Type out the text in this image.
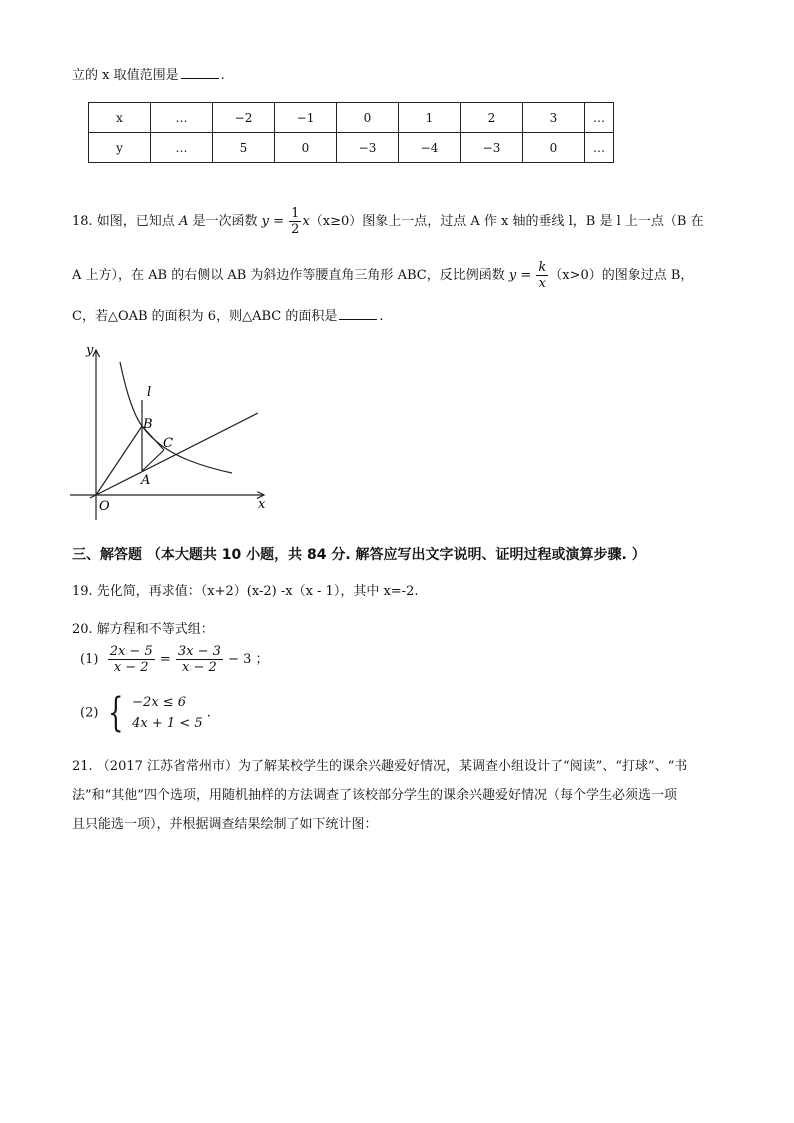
立的 x 取值范围是	.
x	…	−2	−1	0	1	2	3	…
y	…	5	0	−3	−4	−3	0	…
18. 如图，已知点 A 是一次函数 $y = \frac{1}{2} x(x\ge 0)$图象上一点，过点 A 作 x 轴的垂线 l，B 是 l 上一点（B 在
A 上方），在 AB 的右侧以 AB 为斜边作等腰直角三角形 ABC，反比例函数 $y = \frac{k}{x} (x>0)$的图象过点 B，
C，若△OAB 的面积为 6，则△ABC 的面积是	.
y
x
O
A
B
C
l
三、解答题 （本大题共 10 小题，共 84 分. 解答应写出文字说明、证明过程或演算步骤. ）
19. 先化简，再求值：（x+2）(x-2) -x（x - 1），其中 x=-2.
20. 解方程和不等式组：
$(1) \frac{2x - 5}{x - 2} = \frac{3x - 3}{x - 2} - 3$ ；
(2) { −2x ≤ 6
4x + 1 < 5
.
21. （2017 江苏省常州市）为了解某校学生的课余兴趣爱好情况，某调查小组设计了“阅读”、“打球”、“书
法”和“其他”四个选项，用随机抽样的方法调查了该校部分学生的课余兴趣爱好情况（每个学生必须选一项
且只能选一项），并根据调查结果绘制了如下统计图：
